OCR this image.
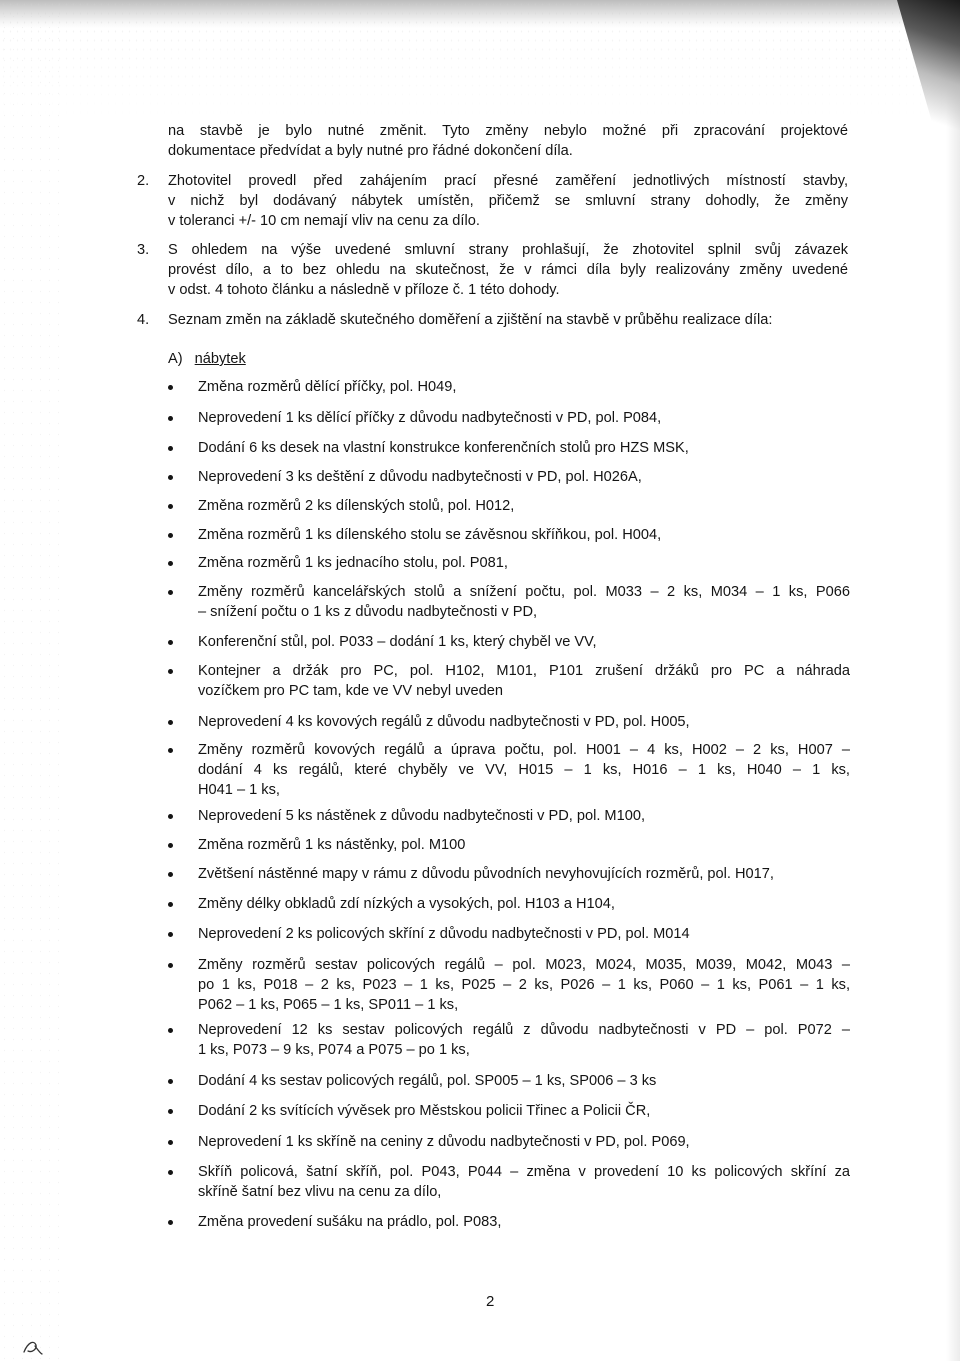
na stavbě je bylo nutné změnit. Tyto změny nebylo možné při zpracování projektové
dokumentace předvídat a byly nutné pro řádné dokončení díla.
2. Zhotovitel provedl před zahájením prací přesné zaměření jednotlivých místností stavby,
v nichž byl dodávaný nábytek umístěn, přičemž se smluvní strany dohodly, že změny
v toleranci +/- 10 cm nemají vliv na cenu za dílo.
3. S ohledem na výše uvedené smluvní strany prohlašují, že zhotovitel splnil svůj závazek
provést dílo, a to bez ohledu na skutečnost, že v rámci díla byly realizovány změny uvedené
v odst. 4 tohoto článku a následně v příloze č. 1 této dohody.
4. Seznam změn na základě skutečného doměření a zjištění na stavbě v průběhu realizace díla:
A) nábytek
Změna rozměrů dělící příčky, pol. H049,
Neprovedení 1 ks dělící příčky z důvodu nadbytečnosti v PD, pol. P084,
Dodání 6 ks desek na vlastní konstrukce konferenčních stolů pro HZS MSK,
Neprovedení 3 ks deštění z důvodu nadbytečnosti v PD, pol. H026A,
Změna rozměrů 2 ks dílenských stolů, pol. H012,
Změna rozměrů 1 ks dílenského stolu se závěsnou skříňkou, pol. H004,
Změna rozměrů 1 ks jednacího stolu, pol. P081,
Změny rozměrů kancelářských stolů a snížení počtu, pol. M033 – 2 ks, M034 – 1 ks, P066
– snížení počtu o 1 ks z důvodu nadbytečnosti v PD,
Konferenční stůl, pol. P033 – dodání 1 ks, který chyběl ve VV,
Kontejner a držák pro PC, pol. H102, M101, P101 zrušení držáků pro PC a náhrada
vozíčkem pro PC tam, kde ve VV nebyl uveden
Neprovedení 4 ks kovových regálů z důvodu nadbytečnosti v PD, pol. H005,
Změny rozměrů kovových regálů a úprava počtu, pol. H001 – 4 ks, H002 – 2 ks, H007 –
dodání 4 ks regálů, které chyběly ve VV, H015 – 1 ks, H016 – 1 ks, H040 – 1 ks,
H041 – 1 ks,
Neprovedení 5 ks nástěnek z důvodu nadbytečnosti v PD, pol. M100,
Změna rozměrů 1 ks nástěnky, pol. M100
Zvětšení nástěnné mapy v rámu z důvodu původních nevyhovujících rozměrů, pol. H017,
Změny délky obkladů zdí nízkých a vysokých, pol. H103 a H104,
Neprovedení 2 ks policových skříní z důvodu nadbytečnosti v PD, pol. M014
Změny rozměrů sestav policových regálů – pol. M023, M024, M035, M039, M042, M043 –
po 1 ks, P018 – 2 ks, P023 – 1 ks, P025 – 2 ks, P026 – 1 ks, P060 – 1 ks, P061 – 1 ks,
P062 – 1 ks, P065 – 1 ks, SP011 – 1 ks,
Neprovedení 12 ks sestav policových regálů z důvodu nadbytečnosti v PD – pol. P072 –
1 ks, P073 – 9 ks, P074 a P075 – po 1 ks,
Dodání 4 ks sestav policových regálů, pol. SP005 – 1 ks, SP006 – 3 ks
Dodání 2 ks svítících vývěsek pro Městskou policii Třinec a Policii ČR,
Neprovedení 1 ks skříně na ceniny z důvodu nadbytečnosti v PD, pol. P069,
Skříň policová, šatní skříň, pol. P043, P044 – změna v provedení 10 ks policových skříní za
skříně šatní bez vlivu na cenu za dílo,
Změna provedení sušáku na prádlo, pol. P083,
2
